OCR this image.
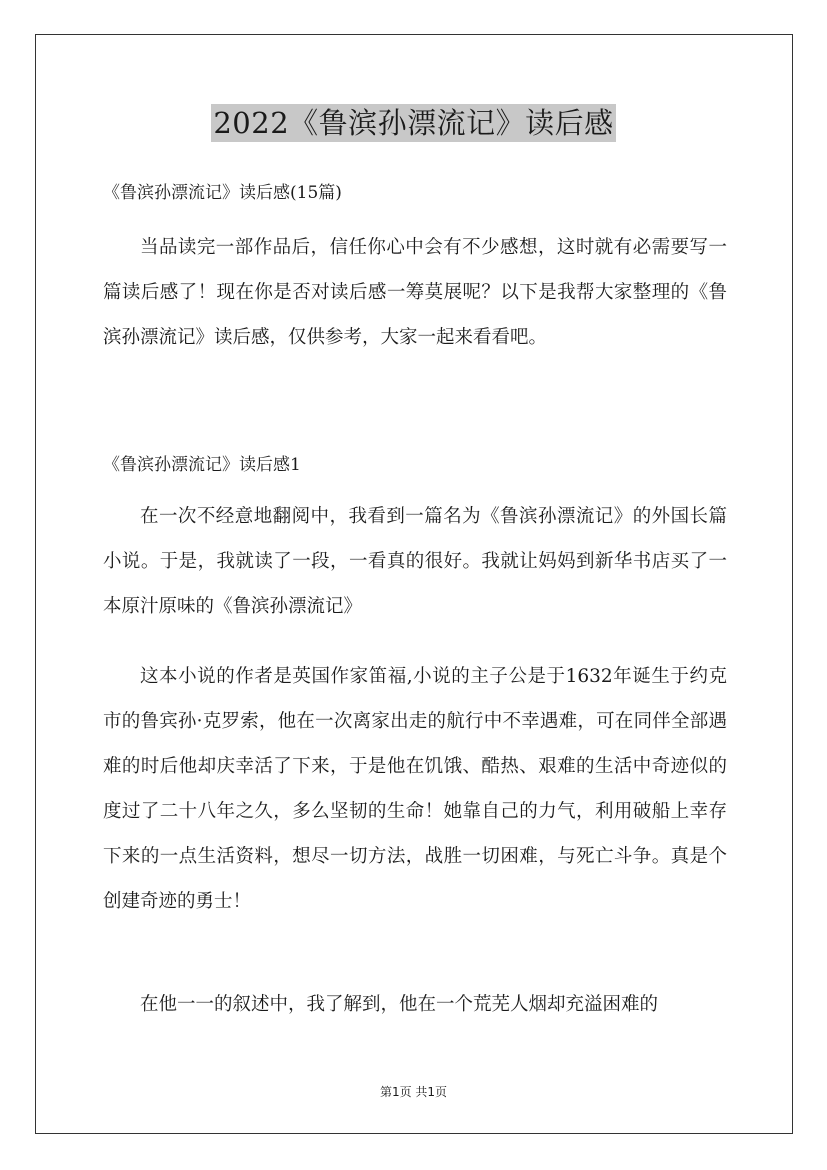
2022《鲁滨孙漂流记》读后感
《鲁滨孙漂流记》读后感(15篇)

当品读完一部作品后，信任你心中会有不少感想，这时就有必需要写一篇读后感了！现在你是否对读后感一筹莫展呢？以下是我帮大家整理的《鲁滨孙漂流记》读后感，仅供参考，大家一起来看看吧。

《鲁滨孙漂流记》读后感1

在一次不经意地翻阅中，我看到一篇名为《鲁滨孙漂流记》的外国长篇小说。于是，我就读了一段，一看真的很好。我就让妈妈到新华书店买了一本原汁原味的《鲁滨孙漂流记》

这本小说的作者是英国作家笛福,小说的主子公是于1632年诞生于约克市的鲁宾孙·克罗索，他在一次离家出走的航行中不幸遇难，可在同伴全部遇难的时后他却庆幸活了下来，于是他在饥饿、酷热、艰难的生活中奇迹似的度过了二十八年之久，多么坚韧的生命！她靠自己的力气，利用破船上幸存下来的一点生活资料，想尽一切方法，战胜一切困难，与死亡斗争。真是个创建奇迹的勇士！

在他一一的叙述中，我了解到，他在一个荒芜人烟却充溢困难的

第1页 共1页
